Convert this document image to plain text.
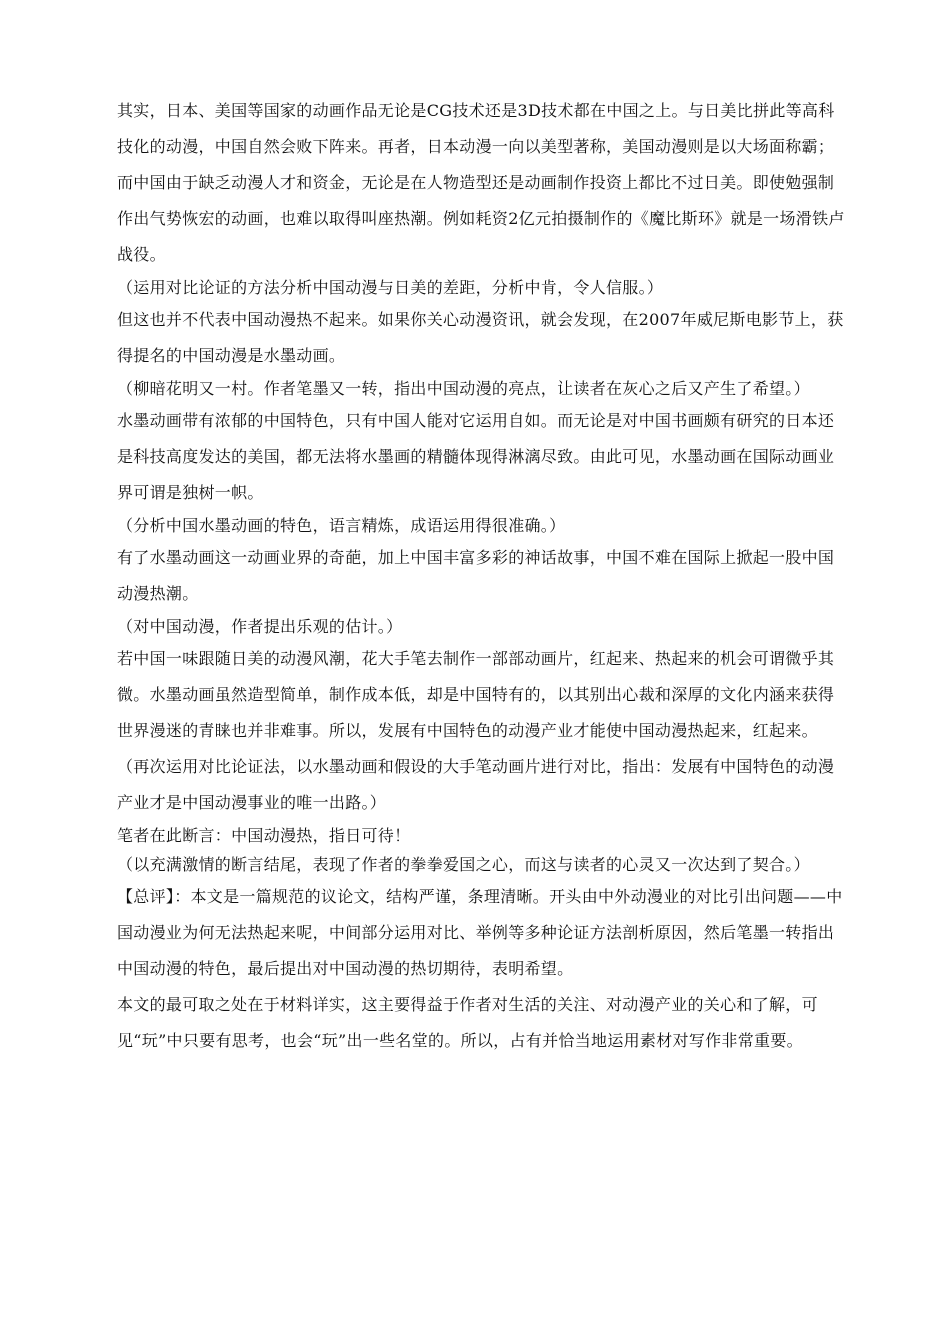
其实，日本、美国等国家的动画作品无论是CG技术还是3D技术都在中国之上。与日美比拼此等高科技化的动漫，中国自然会败下阵来。再者，日本动漫一向以美型著称，美国动漫则是以大场面称霸；而中国由于缺乏动漫人才和资金，无论是在人物造型还是动画制作投资上都比不过日美。即使勉强制作出气势恢宏的动画，也难以取得叫座热潮。例如耗资2亿元拍摄制作的《魔比斯环》就是一场滑铁卢战役。

（运用对比论证的方法分析中国动漫与日美的差距，分析中肯，令人信服。）

但这也并不代表中国动漫热不起来。如果你关心动漫资讯，就会发现，在2007年威尼斯电影节上，获得提名的中国动漫是水墨动画。

（柳暗花明又一村。作者笔墨又一转，指出中国动漫的亮点，让读者在灰心之后又产生了希望。）

水墨动画带有浓郁的中国特色，只有中国人能对它运用自如。而无论是对中国书画颇有研究的日本还是科技高度发达的美国，都无法将水墨画的精髓体现得淋漓尽致。由此可见，水墨动画在国际动画业界可谓是独树一帜。

（分析中国水墨动画的特色，语言精炼，成语运用得很准确。）

有了水墨动画这一动画业界的奇葩，加上中国丰富多彩的神话故事，中国不难在国际上掀起一股中国动漫热潮。

（对中国动漫，作者提出乐观的估计。）

若中国一味跟随日美的动漫风潮，花大手笔去制作一部部动画片，红起来、热起来的机会可谓微乎其微。水墨动画虽然造型简单，制作成本低，却是中国特有的，以其别出心裁和深厚的文化内涵来获得世界漫迷的青睐也并非难事。所以，发展有中国特色的动漫产业才能使中国动漫热起来，红起来。

（再次运用对比论证法，以水墨动画和假设的大手笔动画片进行对比，指出：发展有中国特色的动漫产业才是中国动漫事业的唯一出路。）

笔者在此断言：中国动漫热，指日可待！

（以充满激情的断言结尾，表现了作者的拳拳爱国之心，而这与读者的心灵又一次达到了契合。）

【总评】：本文是一篇规范的议论文，结构严谨，条理清晰。开头由中外动漫业的对比引出问题——中国动漫业为何无法热起来呢，中间部分运用对比、举例等多种论证方法剖析原因，然后笔墨一转指出中国动漫的特色，最后提出对中国动漫的热切期待，表明希望。

本文的最可取之处在于材料详实，这主要得益于作者对生活的关注、对动漫产业的关心和了解，可见“玩”中只要有思考，也会“玩”出一些名堂的。所以，占有并恰当地运用素材对写作非常重要。
